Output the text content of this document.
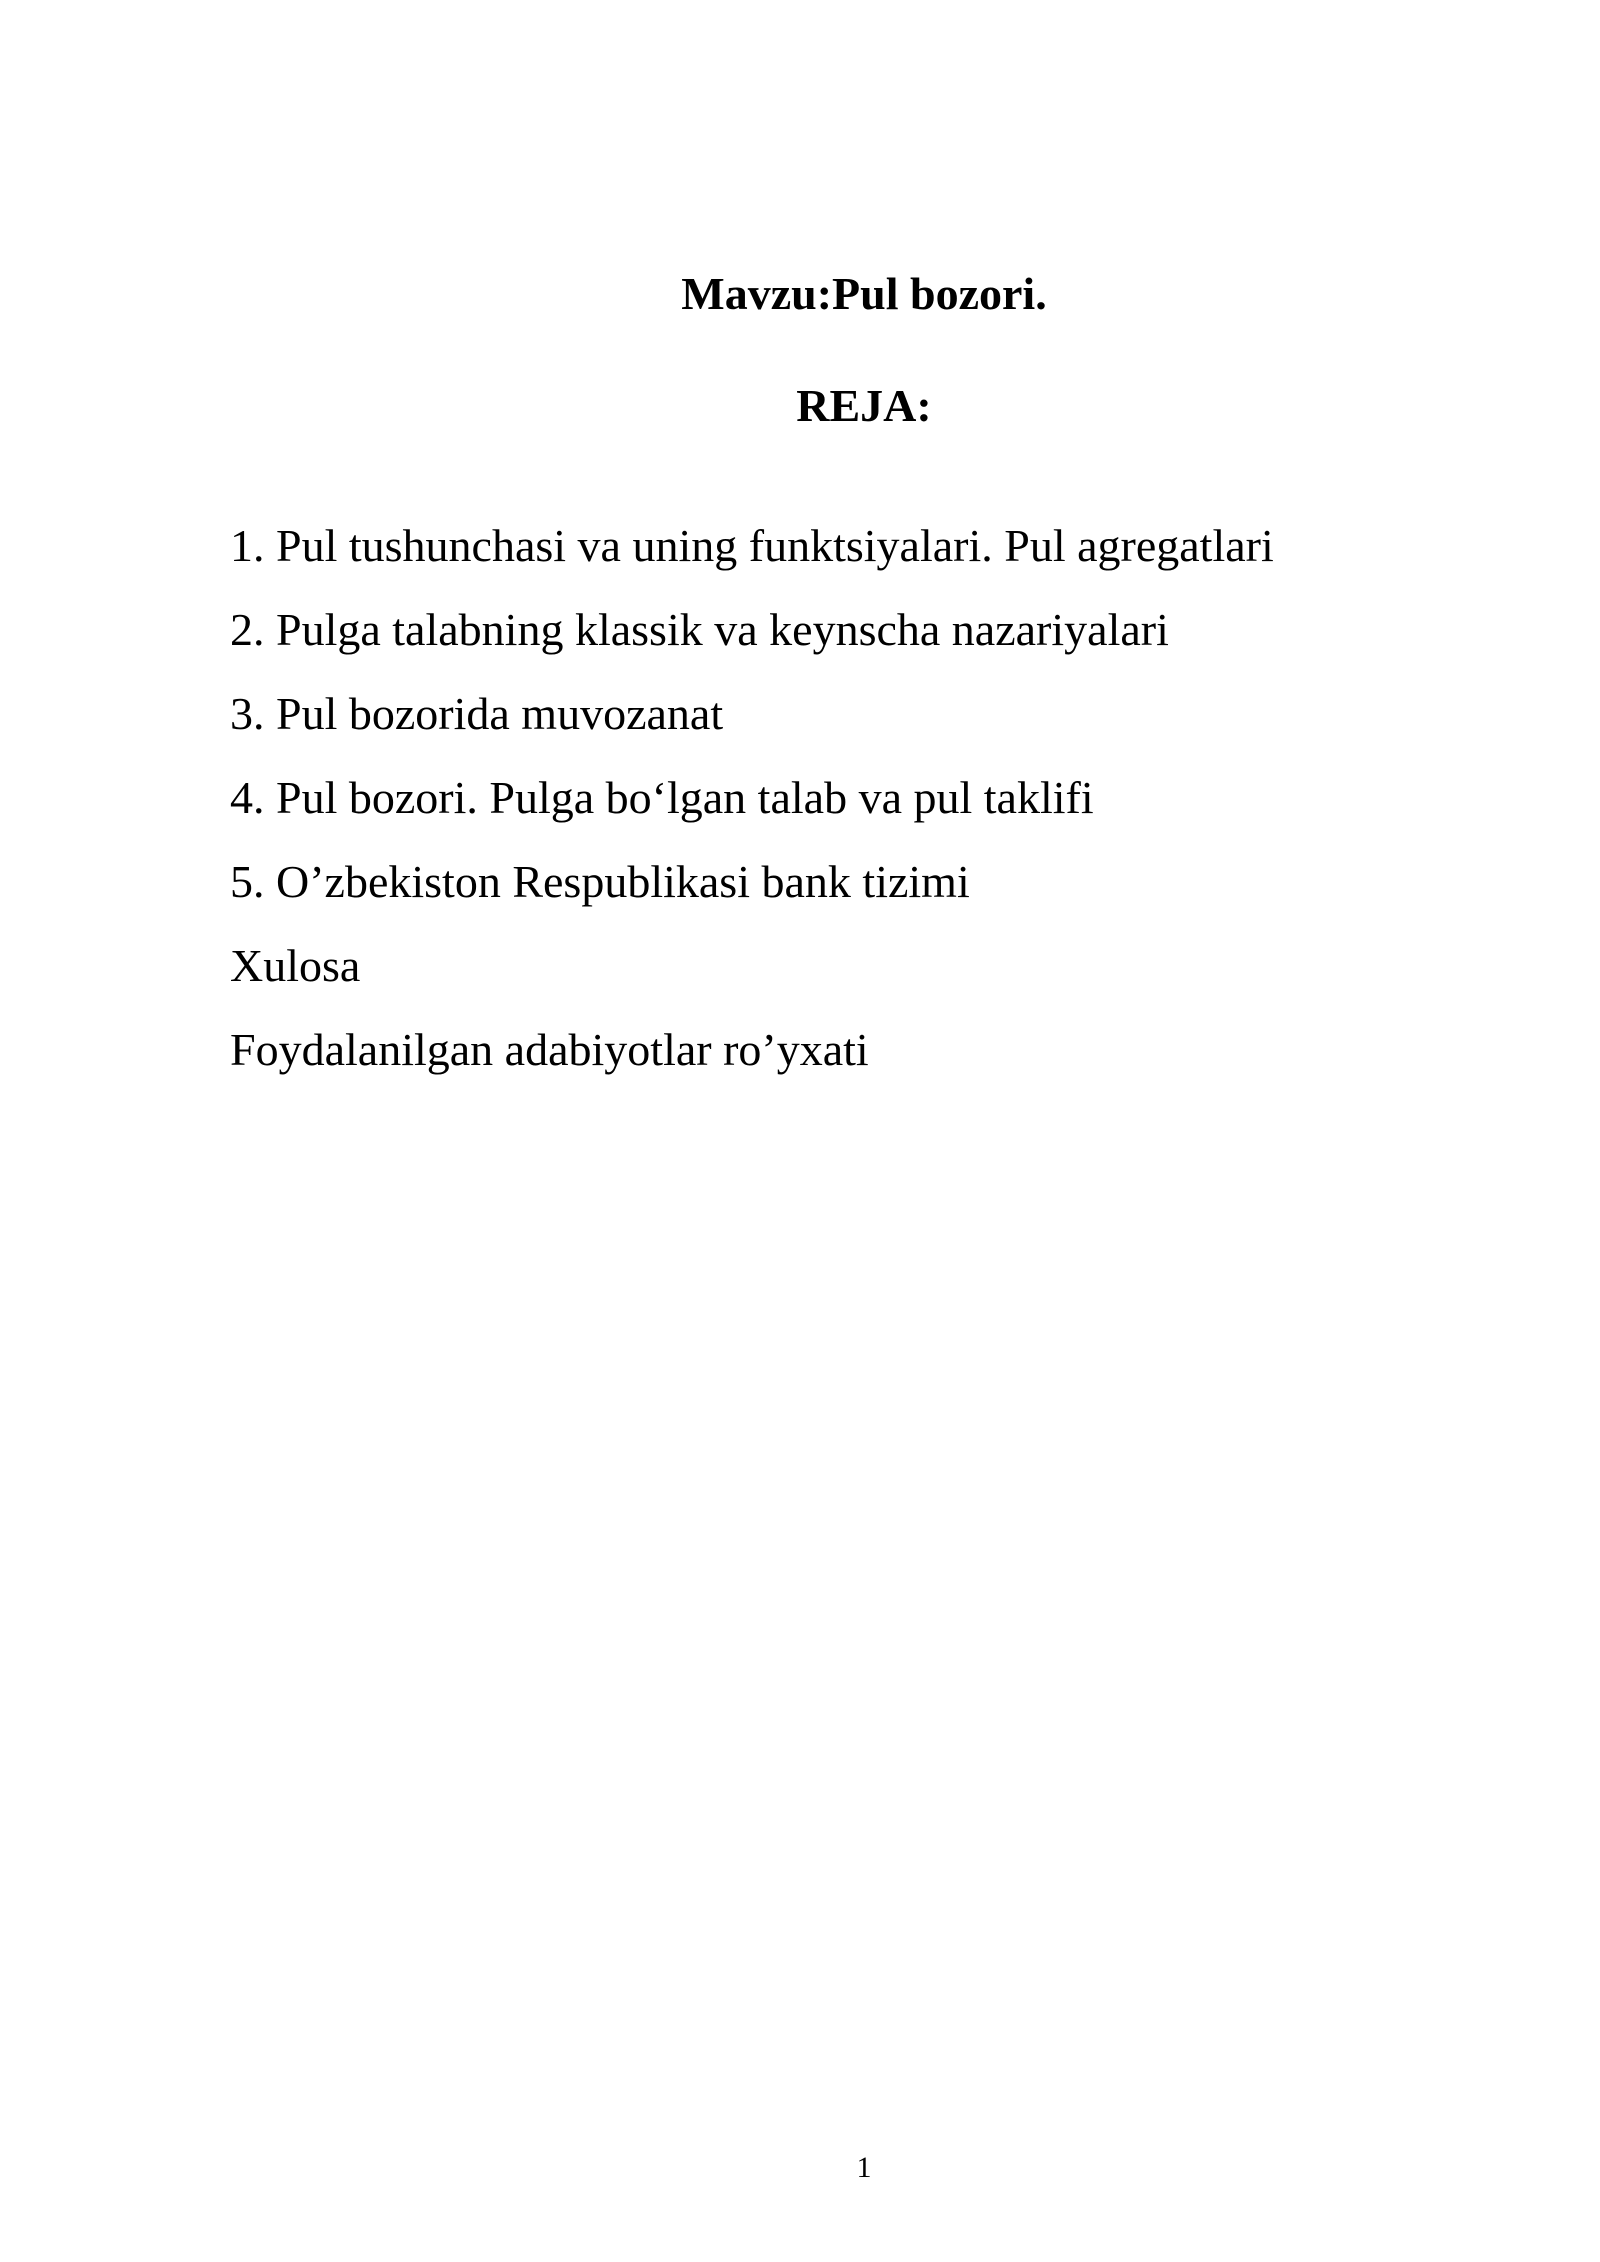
Mavzu:Pul bozori.
REJA:
1. Pul tushunchasi va uning funktsiyalari. Pul agregatlari
2. Pulga talabning klassik va keynscha nazariyalari
3. Pul bozorida muvozanat
4. Pul bozori. Pulga bo‘lgan talab va pul taklifi
5. O’zbekiston Respublikasi bank tizimi
Xulosa
Foydalanilgan adabiyotlar ro’yxati
1
